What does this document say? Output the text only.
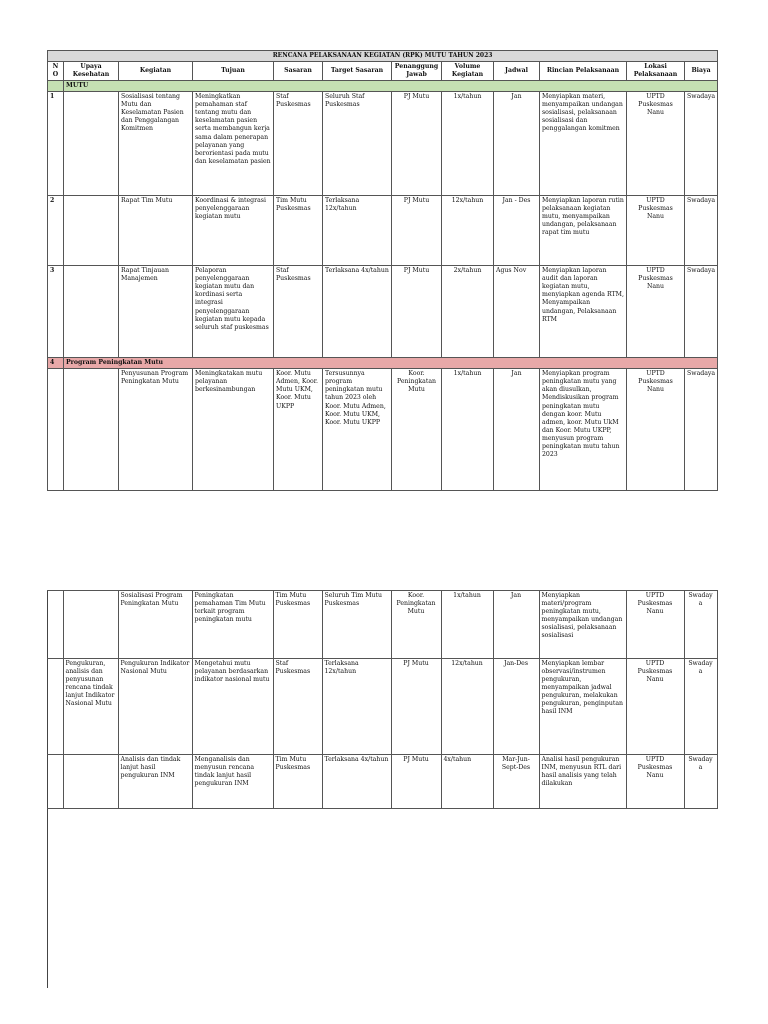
RENCANA PELAKSANAAN KEGIATAN (RPK) MUTU TAHUN 2023											
NO	Upaya Kesehatan	Kegiatan	Tujuan	Sasaran	Target Sasaran	Penanggung Jawab	Volume Kegiatan	Jadwal	Rincian Pelaksanaan	Lokasi Pelaksanaan	Biaya
	MUTU										
1		Sosialisasi tentang Mutu dan Keselamatan Pasien dan Penggalangan Komitmen	Meningkatkan pemahaman staf tentang mutu dan keselamatan pasien serta membangun kerja sama dalam penerapan pelayanan yang berorientasi pada mutu dan keselamatan pasien	Staf Puskesmas	Seluruh Staf Puskesmas	PJ Mutu	1x/tahun	Jan	Menyiapkan materi, menyampaikan undangan sosialisasi, pelaksanaan sosialisasi dan penggalangan komitmen	UPTD Puskesmas Nanu	Swadaya
2		Rapat Tim Mutu	Koordinasi & integrasi penyelenggaraan kegiatan mutu	Tim Mutu Puskesmas	Terlaksana 12x/tahun	PJ Mutu	12x/tahun	Jan - Des	Menyiapkan laporan rutin pelaksanaan kegiatan mutu, menyampaikan undangan, pelaksanaan rapat tim mutu	UPTD Puskesmas Nanu	Swadaya
3		Rapat Tinjauan Manajemen	Pelaporan penyelenggaraan kegiatan mutu dan kordinasi serta integrasi penyelenggaraan kegiatan mutu kepada seluruh staf puskesmas	Staf Puskesmas	Terlaksana 4x/tahun	PJ Mutu	2x/tahun	Agus Nov	Menyiapkan laporan audit dan laporan kegiatan mutu, menyiapkan agenda RTM, Menyampaikan undangan, Pelaksanaan RTM	UPTD Puskesmas Nanu	Swadaya
4	Program Peningkatan Mutu										
		Penyusunan Program Peningkatan Mutu	Meningkatakan mutu pelayanan berkesinambungan	Koor. Mutu Admen, Koor. Mutu UKM, Koor. Mutu UKPP	Tersusunnya program peningkatan mutu tahun 2023 oleh Koor. Mutu Admen, Koor. Mutu UKM, Koor. Mutu UKPP	Koor. Peningkatan Mutu	1x/tahun	Jan	Menyiapkan program peningkatan mutu yang akan diusulkan, Mendiskusikan program peningkatan mutu dengan koor. Mutu admen, koor. Mutu UkM dan Koor. Mutu UKPP, menyusun program peningkatan mutu tahun 2023	UPTD Puskesmas Nanu	Swadaya
		Sosialisasi Program Peningkatan Mutu	Peningkatan pemahaman Tim Mutu terkait program peningkatan mutu	Tim Mutu Puskesmas	Seluruh Tim Mutu Puskesmas	Koor. Peningkatan Mutu	1x/tahun	Jan	Menyiapkan materi/program peningkatan mutu, menyampaikan undangan sosialisasi, pelaksanaan sosialisasi	UPTD Puskesmas Nanu	Swadaya
	Pengukuran, analisis dan penyusunan rencana tindak lanjut Indikator Nasional Mutu	Pengukuran Indikator Nasional Mutu	Mengetahui mutu pelayanan berdasarkan indikator nasional mutu	Staf Puskesmas	Terlaksana 12x/tahun	PJ Mutu	12x/tahun	Jan-Des	Menyiapkan lembar observasi/instrumen pengukuran, menyampaikan jadwal pengukuran, melakukan pengukuran, penginputan hasil INM	UPTD Puskesmas Nanu	Swadaya
		Analisis dan tindak lanjut hasil pengukuran INM	Menganalisis dan menyusun rencana tindak lanjut hasil pengukuran INM	Tim Mutu Puskesmas	Terlaksana 4x/tahun	PJ Mutu	4x/tahun	Mar-Jun-Sept-Des	Analisi hasil pengukuran INM, menyusun RTL dari hasil analisis yang telah dilakukan	UPTD Puskesmas Nanu	Swadaya
